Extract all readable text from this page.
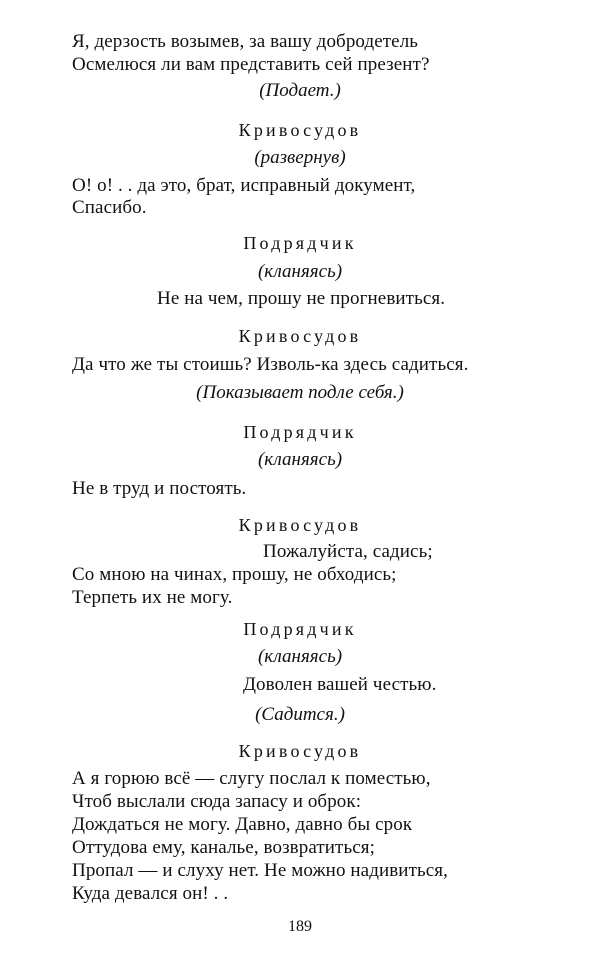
Я, дерзость возымев, за вашу добродетель
Осмелюся ли вам представить сей презент?
(Подает.)
Кривосудов
(развернув)
О! о! . . да это, брат, исправный документ,
Спасибо.
Подрядчик
(кланяясь)
Не на чем, прошу не прогневиться.
Кривосудов
Да что же ты стоишь? Изволь-ка здесь садиться.
(Показывает подле себя.)
Подрядчик
(кланяясь)
Не в труд и постоять.
Кривосудов
Пожалуйста, садись;
Со мною на чинах, прошу, не обходись;
Терпеть их не могу.
Подрядчик
(кланяясь)
Доволен вашей честью.
(Садится.)
Кривосудов
А я горюю всё — слугу послал к поместью,
Чтоб выслали сюда запасу и оброк:
Дождаться не могу. Давно, давно бы срок
Оттудова ему, каналье, возвратиться;
Пропал — и слуху нет. Не можно надивиться,
Куда девался он! . .
189
